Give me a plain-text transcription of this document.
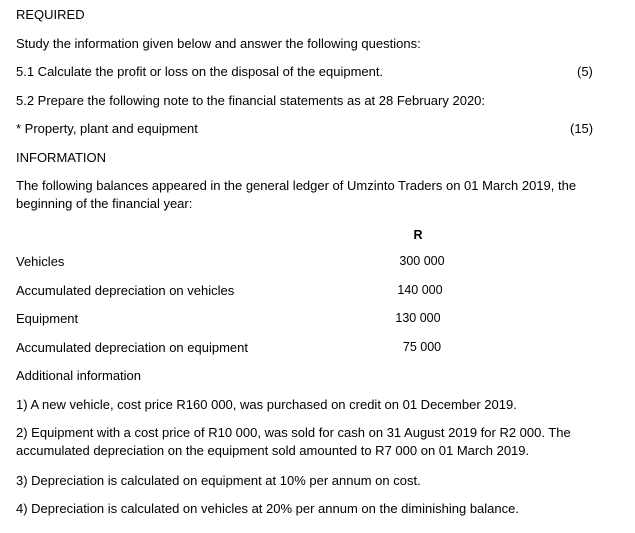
REQUIRED
Study the information given below and answer the following questions:
5.1 Calculate the profit or loss on the disposal of the equipment.	(5)
5.2 Prepare the following note to the financial statements as at 28 February 2020:
* Property, plant and equipment	(15)
INFORMATION
The following balances appeared in the general ledger of Umzinto Traders on 01 March 2019, the beginning of the financial year:
R
Vehicles	300 000
Accumulated depreciation on vehicles	140 000
Equipment	130 000
Accumulated depreciation on equipment	75 000
Additional information
1) A new vehicle, cost price R160 000, was purchased on credit on 01 December 2019.
2) Equipment with a cost price of R10 000, was sold for cash on 31 August 2019 for R2 000. The accumulated depreciation on the equipment sold amounted to R7 000 on 01 March 2019.
3) Depreciation is calculated on equipment at 10% per annum on cost.
4) Depreciation is calculated on vehicles at 20% per annum on the diminishing balance.
